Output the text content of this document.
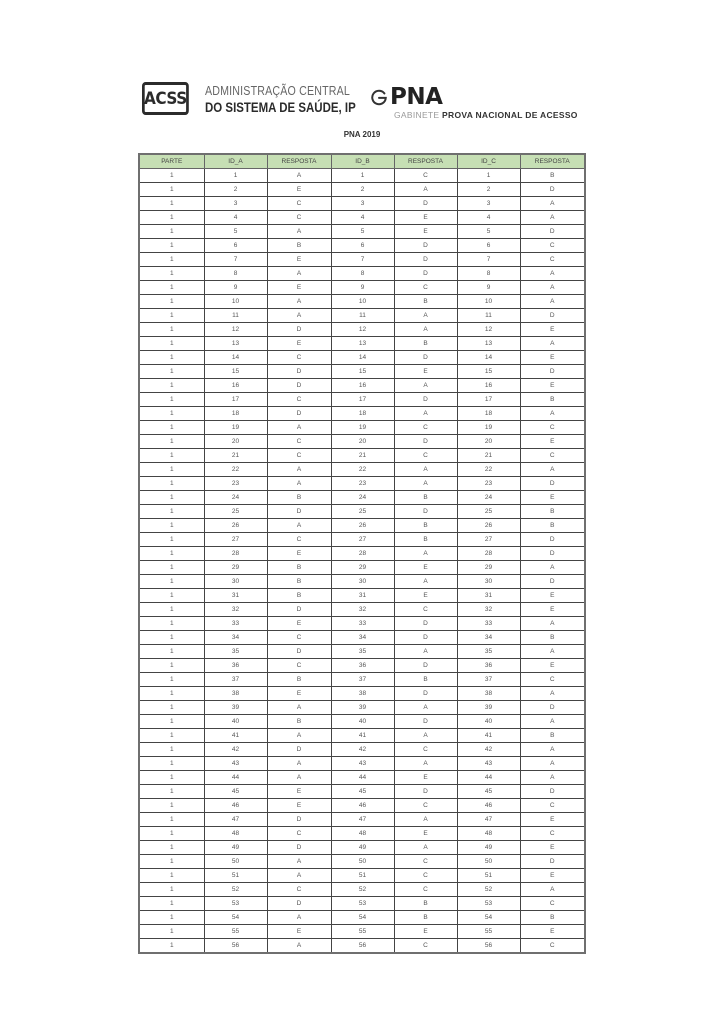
ACSS ADMINISTRAÇÃO CENTRAL
DO SISTEMA DE SAÚDE, IP PNA
GABINETE PROVA NACIONAL DE ACESSO
PNA 2019
PARTE	ID_A	RESPOSTA	ID_B	RESPOSTA	ID_C	RESPOSTA
1	1	A	1	C	1	B
1	2	E	2	A	2	D
1	3	C	3	D	3	A
1	4	C	4	E	4	A
1	5	A	5	E	5	D
1	6	B	6	D	6	C
1	7	E	7	D	7	C
1	8	A	8	D	8	A
1	9	E	9	C	9	A
1	10	A	10	B	10	A
1	11	A	11	A	11	D
1	12	D	12	A	12	E
1	13	E	13	B	13	A
1	14	C	14	D	14	E
1	15	D	15	E	15	D
1	16	D	16	A	16	E
1	17	C	17	D	17	B
1	18	D	18	A	18	A
1	19	A	19	C	19	C
1	20	C	20	D	20	E
1	21	C	21	C	21	C
1	22	A	22	A	22	A
1	23	A	23	A	23	D
1	24	B	24	B	24	E
1	25	D	25	D	25	B
1	26	A	26	B	26	B
1	27	C	27	B	27	D
1	28	E	28	A	28	D
1	29	B	29	E	29	A
1	30	B	30	A	30	D
1	31	B	31	E	31	E
1	32	D	32	C	32	E
1	33	E	33	D	33	A
1	34	C	34	D	34	B
1	35	D	35	A	35	A
1	36	C	36	D	36	E
1	37	B	37	B	37	C
1	38	E	38	D	38	A
1	39	A	39	A	39	D
1	40	B	40	D	40	A
1	41	A	41	A	41	B
1	42	D	42	C	42	A
1	43	A	43	A	43	A
1	44	A	44	E	44	A
1	45	E	45	D	45	D
1	46	E	46	C	46	C
1	47	D	47	A	47	E
1	48	C	48	E	48	C
1	49	D	49	A	49	E
1	50	A	50	C	50	D
1	51	A	51	C	51	E
1	52	C	52	C	52	A
1	53	D	53	B	53	C
1	54	A	54	B	54	B
1	55	E	55	E	55	E
1	56	A	56	C	56	C
